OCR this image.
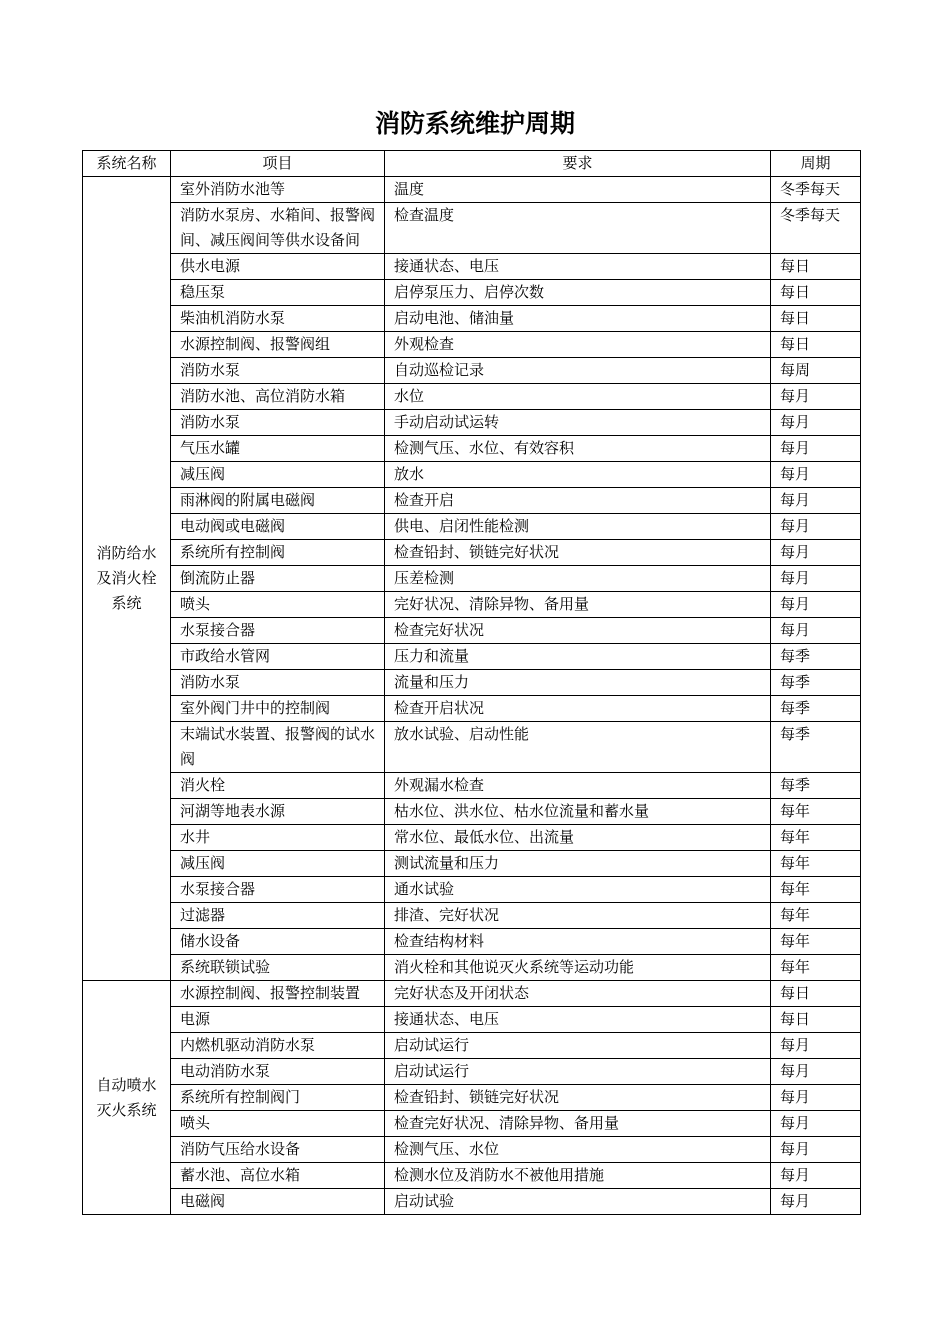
消防系统维护周期
系统名称	项目	要求	周期

消防给水
及消火栓
系统	室外消防水池等	温度	冬季每天
	消防水泵房、水箱间、报警阀间、减压阀间等供水设备间	检查温度	冬季每天
	供水电源	接通状态、电压	每日
	稳压泵	启停泵压力、启停次数	每日
	柴油机消防水泵	启动电池、储油量	每日
	水源控制阀、报警阀组	外观检查	每日
	消防水泵	自动巡检记录	每周
	消防水池、高位消防水箱	水位	每月
	消防水泵	手动启动试运转	每月
	气压水罐	检测气压、水位、有效容积	每月
	减压阀	放水	每月
	雨淋阀的附属电磁阀	检查开启	每月
	电动阀或电磁阀	供电、启闭性能检测	每月
	系统所有控制阀	检查铅封、锁链完好状况	每月
	倒流防止器	压差检测	每月
	喷头	完好状况、清除异物、备用量	每月
	水泵接合器	检查完好状况	每月
	市政给水管网	压力和流量	每季
	消防水泵	流量和压力	每季
	室外阀门井中的控制阀	检查开启状况	每季
	末端试水装置、报警阀的试水阀	放水试验、启动性能	每季
	消火栓	外观漏水检查	每季
	河湖等地表水源	枯水位、洪水位、枯水位流量和蓄水量	每年
	水井	常水位、最低水位、出流量	每年
	减压阀	测试流量和压力	每年
	水泵接合器	通水试验	每年
	过滤器	排渣、完好状况	每年
	储水设备	检查结构材料	每年
	系统联锁试验	消火栓和其他说灭火系统等运动功能	每年

自动喷水
灭火系统	水源控制阀、报警控制装置	完好状态及开闭状态	每日
	电源	接通状态、电压	每日
	内燃机驱动消防水泵	启动试运行	每月
	电动消防水泵	启动试运行	每月
	系统所有控制阀门	检查铅封、锁链完好状况	每月
	喷头	检查完好状况、清除异物、备用量	每月
	消防气压给水设备	检测气压、水位	每月
	蓄水池、高位水箱	检测水位及消防水不被他用措施	每月
	电磁阀	启动试验	每月
